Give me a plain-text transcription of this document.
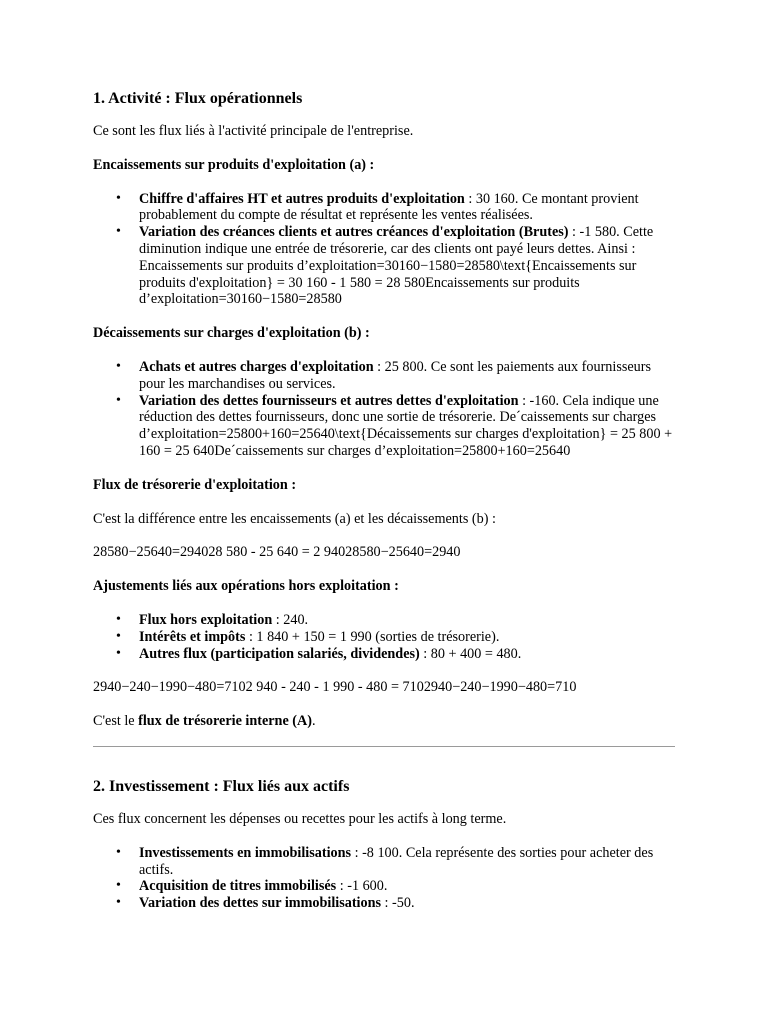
1. Activité : Flux opérationnels

Ce sont les flux liés à l'activité principale de l'entreprise.

Encaissements sur produits d'exploitation (a) :

• Chiffre d'affaires HT et autres produits d'exploitation : 30 160. Ce montant provient probablement du compte de résultat et représente les ventes réalisées.
• Variation des créances clients et autres créances d'exploitation (Brutes) : -1 580. Cette diminution indique une entrée de trésorerie, car des clients ont payé leurs dettes. Ainsi : Encaissements sur produits d’exploitation=30160−1580=28580\text{Encaissements sur produits d'exploitation} = 30 160 - 1 580 = 28 580Encaissements sur produits d’exploitation=30160−1580=28580

Décaissements sur charges d'exploitation (b) :

• Achats et autres charges d'exploitation : 25 800. Ce sont les paiements aux fournisseurs pour les marchandises ou services.
• Variation des dettes fournisseurs et autres dettes d'exploitation : -160. Cela indique une réduction des dettes fournisseurs, donc une sortie de trésorerie. De´caissements sur charges d’exploitation=25800+160=25640\text{Décaissements sur charges d'exploitation} = 25 800 + 160 = 25 640De´caissements sur charges d’exploitation=25800+160=25640

Flux de trésorerie d'exploitation :

C'est la différence entre les encaissements (a) et les décaissements (b) :

28580−25640=294028 580 - 25 640 = 2 94028580−25640=2940

Ajustements liés aux opérations hors exploitation :

• Flux hors exploitation : 240.
• Intérêts et impôts : 1 840 + 150 = 1 990 (sorties de trésorerie).
• Autres flux (participation salariés, dividendes) : 80 + 400 = 480.

2940−240−1990−480=7102 940 - 240 - 1 990 - 480 = 7102940−240−1990−480=710

C'est le flux de trésorerie interne (A).

2. Investissement : Flux liés aux actifs

Ces flux concernent les dépenses ou recettes pour les actifs à long terme.

• Investissements en immobilisations : -8 100. Cela représente des sorties pour acheter des actifs.
• Acquisition de titres immobilisés : -1 600.
• Variation des dettes sur immobilisations : -50.
